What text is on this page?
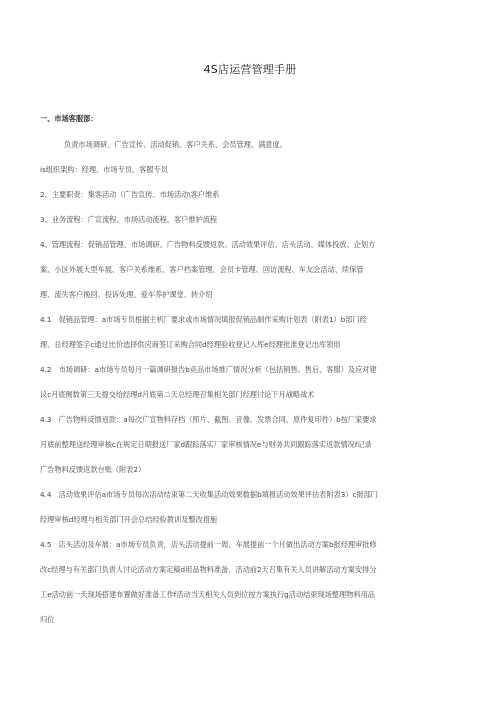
4S店运营管理手册
一、市场客服部：
负责市场调研、广告宣传、活动促销、客户关系、会员管理、满意度。
is组织架构：经理、市场专员、客服专员
2、主要职责：集客活动（广告宣传、市场活动\客户维系
3、业务流程：广宣流程、市场活动流程、客户维护流程
4、管理流程：促销品管理、市场调研、广告物料反馈返款、活动效果评估、店头活动、媒体投放、企划方
案、小区外展大型车展、客户关系维系、客户档案管理、会员卡管理、回访流程、车友会活动、续保管
理、流失客户挽回、投诉处理、爱车养护课堂、转介绍
4.1　促销品管理：a市场专员根据主机厂要求或市场情况填报促销品制作采购计划表（附表1）b部门经
理、总经理签字c通过比价选择供应商签订采购合同d经理验收登记入库e经理批准登记出库领用
4.2　市场调研：a市场专员每月一篇调研报告b竞品市场推广情况分析（包括销售、售后、客服）及应对建
议c月底侧数第三天提交给经理d月底第二天总经理召集相关部门经理讨论下月战略战术
4.3　广告物料反馈返款：a每次广宣物料存档（照片、截图、音像、发票合同、原件复印件）b按厂家要求
月底前整理送经理审核c在规定日期报送厂家d跟踪落实厂家审核情况e与财务共同跟踪落实返款情况f记录
广告物料反馈返款台账（附表2）
4.4　活动效果评估a市场专员每次活动结束第二天收集活动效果数据b填报活动效果评估表附表3）c报部门
经理审核d经理与相关部门开会总结经验教训及整改措施
4.5　店头活动及车展：a市场专员负责，店头活动提前一周、车展提前一个月做出活动方案b报经理审批修
改c经理与有关部门负责人讨论活动方案定稿d用品物料准备、活动前2天召集有关人员讲解活动方案安排分
工e活动前一天现场搭建布置做好准备工作f活动当天相关人员到位按方案执行g活动结束现场整理物料用品
归位
